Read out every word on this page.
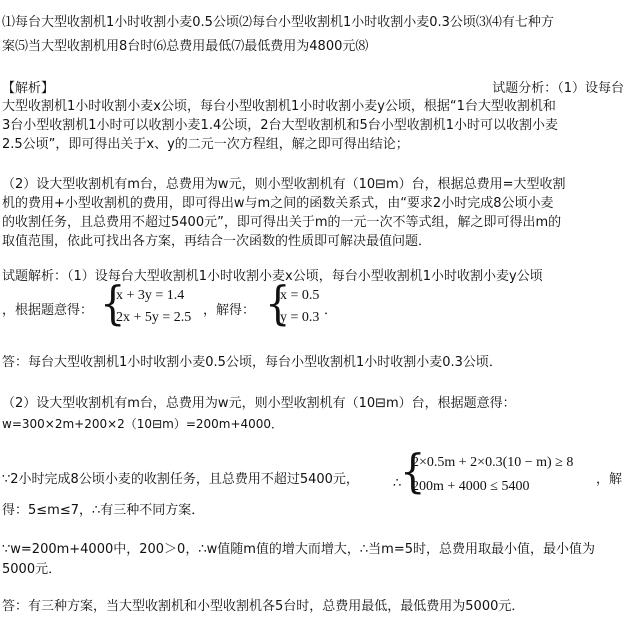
⑴每台大型收割机1小时收割小麦0.5公顷⑵每台小型收割机1小时收割小麦0.3公顷⑶⑷有七种方
案⑸当大型收割机用8台时⑹总费用最低⑺最低费用为4800元⑻
【解析】	试题分析：（1）设每台
大型收割机1小时收割小麦x公顷，每台小型收割机1小时收割小麦y公顷，根据“1台大型收割机和
3台小型收割机1小时可以收割小麦1.4公顷，2台大型收割机和5台小型收割机1小时可以收割小麦
2.5公顷”，即可得出关于x、y的二元一次方程组，解之即可得出结论；
（2）设大型收割机有m台，总费用为w元，则小型收割机有（10⊟m）台，根据总费用=大型收割
机的费用+小型收割机的费用，即可得出w与m之间的函数关系式，由“要求2小时完成8公顷小麦
的收割任务，且总费用不超过5400元”，即可得出关于m的一元一次不等式组，解之即可得出m的
取值范围，依此可找出各方案，再结合一次函数的性质即可解决最值问题．
试题解析：（1）设每台大型收割机1小时收割小麦x公顷，每台小型收割机1小时收割小麦y公顷
，根据题意得： {
x + 3y = 1.4
2x + 5y = 2.5 ，解得： {
x = 0.5
y = 0.3 ．
答：每台大型收割机1小时收割小麦0.5公顷，每台小型收割机1小时收割小麦0.3公顷．
（2）设大型收割机有m台，总费用为w元，则小型收割机有（10⊟m）台，根据题意得：
w=300×2m+200×2（10⊟m）=200m+4000．
∵2小时完成8公顷小麦的收割任务，且总费用不超过5400元，	∴
{
2×0.5m + 2×0.3(10 − m) ≥ 8
200m + 4000 ≤ 5400	，解
得：5≤m≤7，∴有三种不同方案．
∵w=200m+4000中，200＞0，∴w值随m值的增大而增大，∴当m=5时，总费用取最小值，最小值为
5000元．
答：有三种方案，当大型收割机和小型收割机各5台时，总费用最低，最低费用为5000元．
